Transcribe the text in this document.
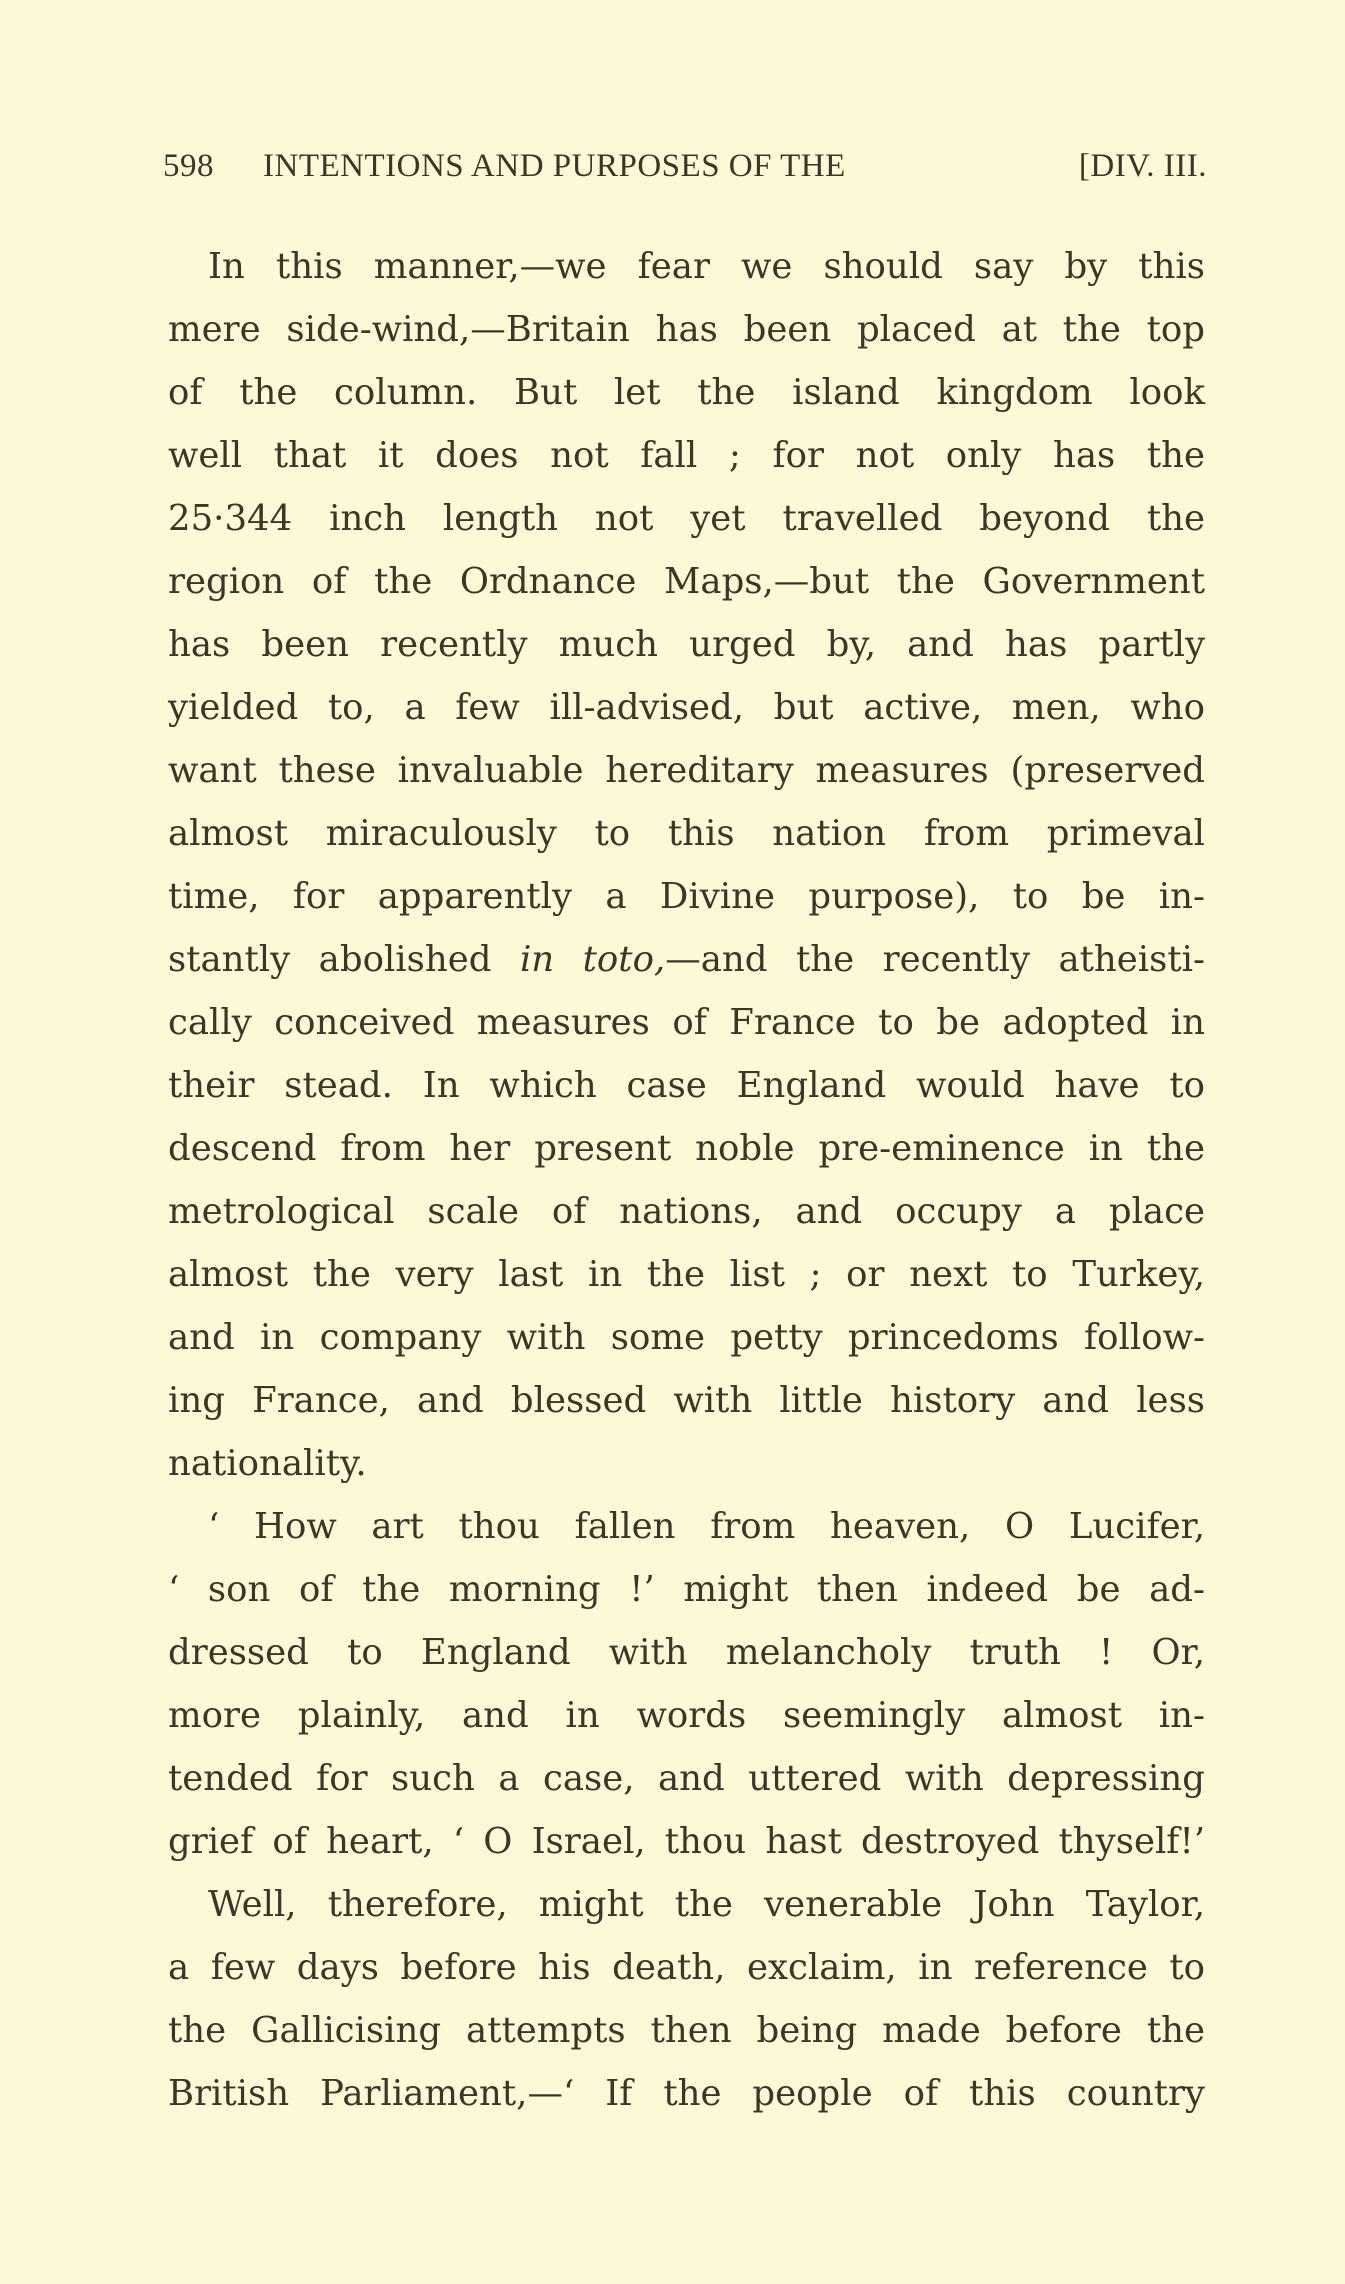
598 INTENTIONS AND PURPOSES OF THE	[DIV. III.
In this manner,—we fear we should say by this
mere side-wind,—Britain has been placed at the top
of the column. But let the island kingdom look
well that it does not fall ; for not only has the
25·344 inch length not yet travelled beyond the
region of the Ordnance Maps,—but the Government
has been recently much urged by, and has partly
yielded to, a few ill-advised, but active, men, who
want these invaluable hereditary measures (preserved
almost miraculously to this nation from primeval
time, for apparently a Divine purpose), to be in-
stantly abolished in toto,—and the recently atheisti-
cally conceived measures of France to be adopted in
their stead. In which case England would have to
descend from her present noble pre-eminence in the
metrological scale of nations, and occupy a place
almost the very last in the list ; or next to Turkey,
and in company with some petty princedoms follow-
ing France, and blessed with little history and less
nationality.
‘ How art thou fallen from heaven, O Lucifer,
‘ son of the morning !’ might then indeed be ad-
dressed to England with melancholy truth ! Or,
more plainly, and in words seemingly almost in-
tended for such a case, and uttered with depressing
grief of heart, ‘ O Israel, thou hast destroyed thyself!’
Well, therefore, might the venerable John Taylor,
a few days before his death, exclaim, in reference to
the Gallicising attempts then being made before the
British Parliament,—‘ If the people of this country
